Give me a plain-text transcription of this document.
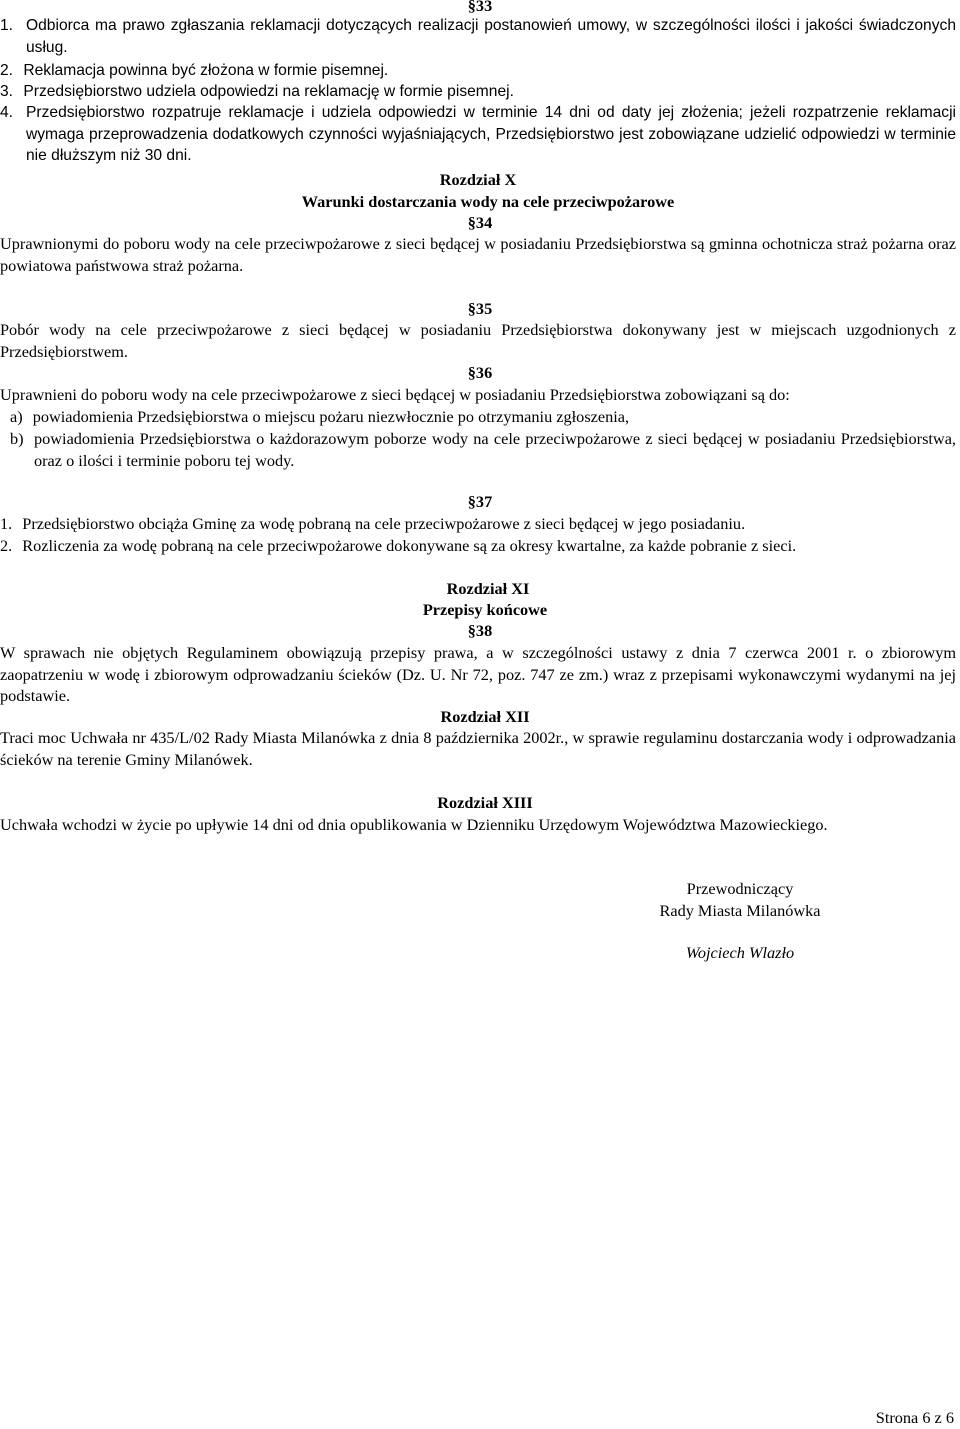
§33
1. Odbiorca ma prawo zgłaszania reklamacji dotyczących realizacji postanowień umowy, w szczególności ilości i jakości świadczonych usług.
2. Reklamacja powinna być złożona w formie pisemnej.
3. Przedsiębiorstwo udziela odpowiedzi na reklamację w formie pisemnej.
4. Przedsiębiorstwo rozpatruje reklamacje i udziela odpowiedzi w terminie 14 dni od daty jej złożenia; jeżeli rozpatrzenie reklamacji wymaga przeprowadzenia dodatkowych czynności wyjaśniających, Przedsiębiorstwo jest zobowiązane udzielić odpowiedzi w terminie nie dłuższym niż 30 dni.
Rozdział X
Warunki dostarczania wody na cele przeciwpożarowe
§34
Uprawnionymi do poboru wody na cele przeciwpożarowe z sieci będącej w posiadaniu Przedsiębiorstwa są gminna ochotnicza straż pożarna oraz powiatowa państwowa straż pożarna.
§35
Pobór wody na cele przeciwpożarowe z sieci będącej w posiadaniu Przedsiębiorstwa dokonywany jest w miejscach uzgodnionych z Przedsiębiorstwem.
§36
Uprawnieni do poboru wody na cele przeciwpożarowe z sieci będącej w posiadaniu Przedsiębiorstwa zobowiązani są do:
a) powiadomienia Przedsiębiorstwa o miejscu pożaru niezwłocznie po otrzymaniu zgłoszenia,
b) powiadomienia Przedsiębiorstwa o każdorazowym poborze wody na cele przeciwpożarowe z sieci będącej w posiadaniu Przedsiębiorstwa, oraz o ilości i terminie poboru tej wody.
§37
1. Przedsiębiorstwo obciąża Gminę za wodę pobraną na cele przeciwpożarowe z sieci będącej w jego posiadaniu.
2. Rozliczenia za wodę pobraną na cele przeciwpożarowe dokonywane są za okresy kwartalne, za każde pobranie z sieci.
Rozdział XI
Przepisy końcowe
§38
W sprawach nie objętych Regulaminem obowiązują przepisy prawa, a w szczególności ustawy z dnia 7 czerwca 2001 r. o zbiorowym zaopatrzeniu w wodę i zbiorowym odprowadzaniu ścieków (Dz. U. Nr 72, poz. 747 ze zm.) wraz z przepisami wykonawczymi wydanymi na jej podstawie.
Rozdział XII
Traci moc Uchwała nr 435/L/02 Rady Miasta Milanówka z dnia 8 października 2002r., w sprawie regulaminu dostarczania wody i odprowadzania ścieków na terenie Gminy Milanówek.
Rozdział XIII
Uchwała wchodzi w życie po upływie 14 dni od dnia opublikowania w Dzienniku Urzędowym Województwa Mazowieckiego.
Przewodniczący
Rady Miasta Milanówka
Wojciech Wlazło
Strona 6 z 6
